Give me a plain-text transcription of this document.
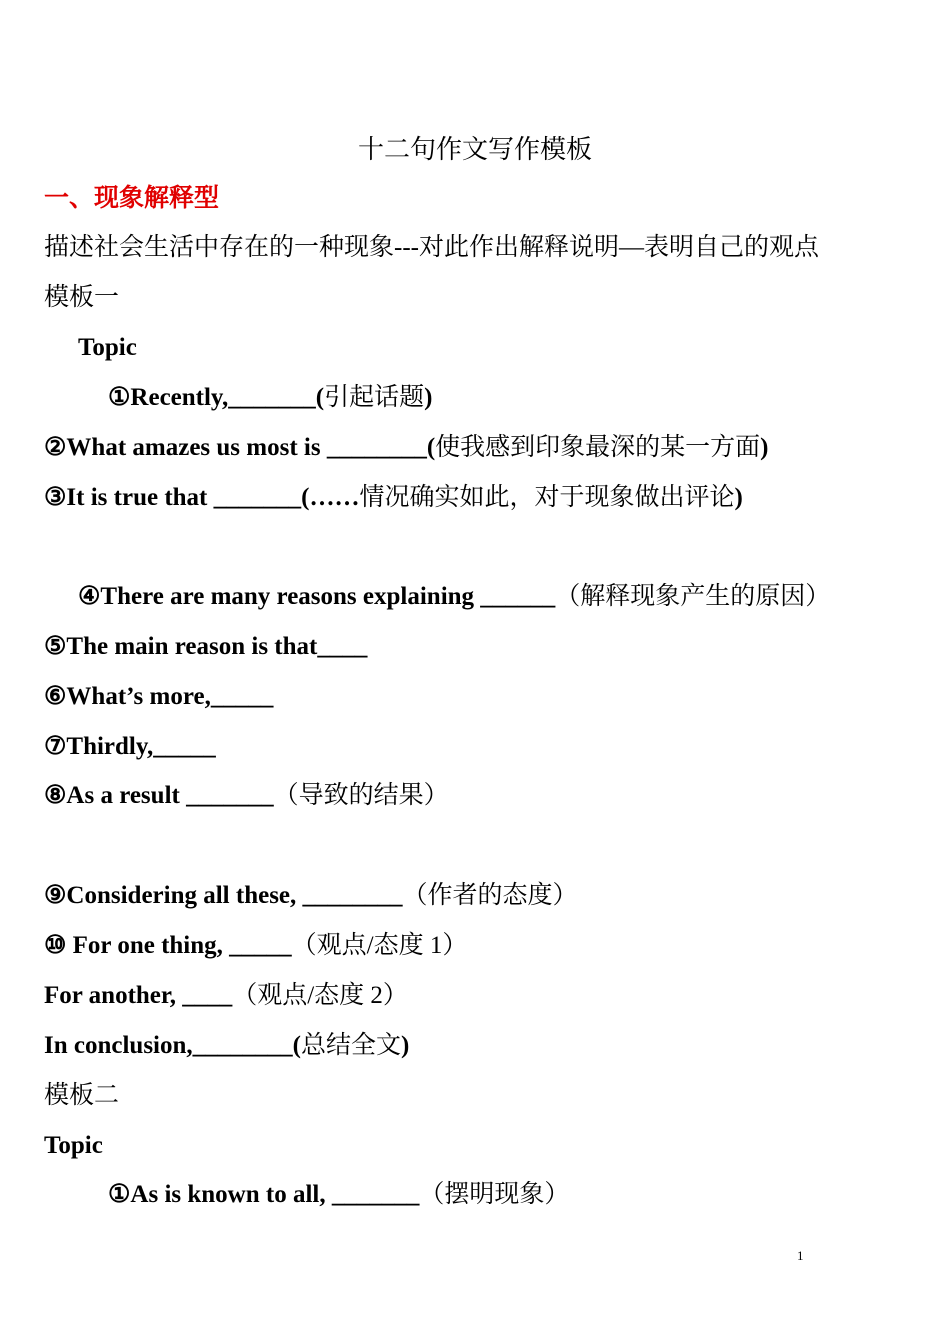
十二句作文写作模板
一、现象解释型
描述社会生活中存在的一种现象---对此作出解释说明—表明自己的观点
模板一
Topic
①Recently,_______(引起话题)
②What amazes us most is ________(使我感到印象最深的某一方面)
③It is true that _______(……情况确实如此，对于现象做出评论)
④There are many reasons explaining ______（解释现象产生的原因）
⑤The main reason is that____
⑥What’s more,_____
⑦Thirdly,_____
⑧As a result _______（导致的结果）
⑨Considering all these, ________（作者的态度）
⑩ For one thing, _____（观点/态度 1）
For another, ____（观点/态度 2）
In conclusion,________(总结全文)
模板二
Topic
①As is known to all, _______（摆明现象）
1
